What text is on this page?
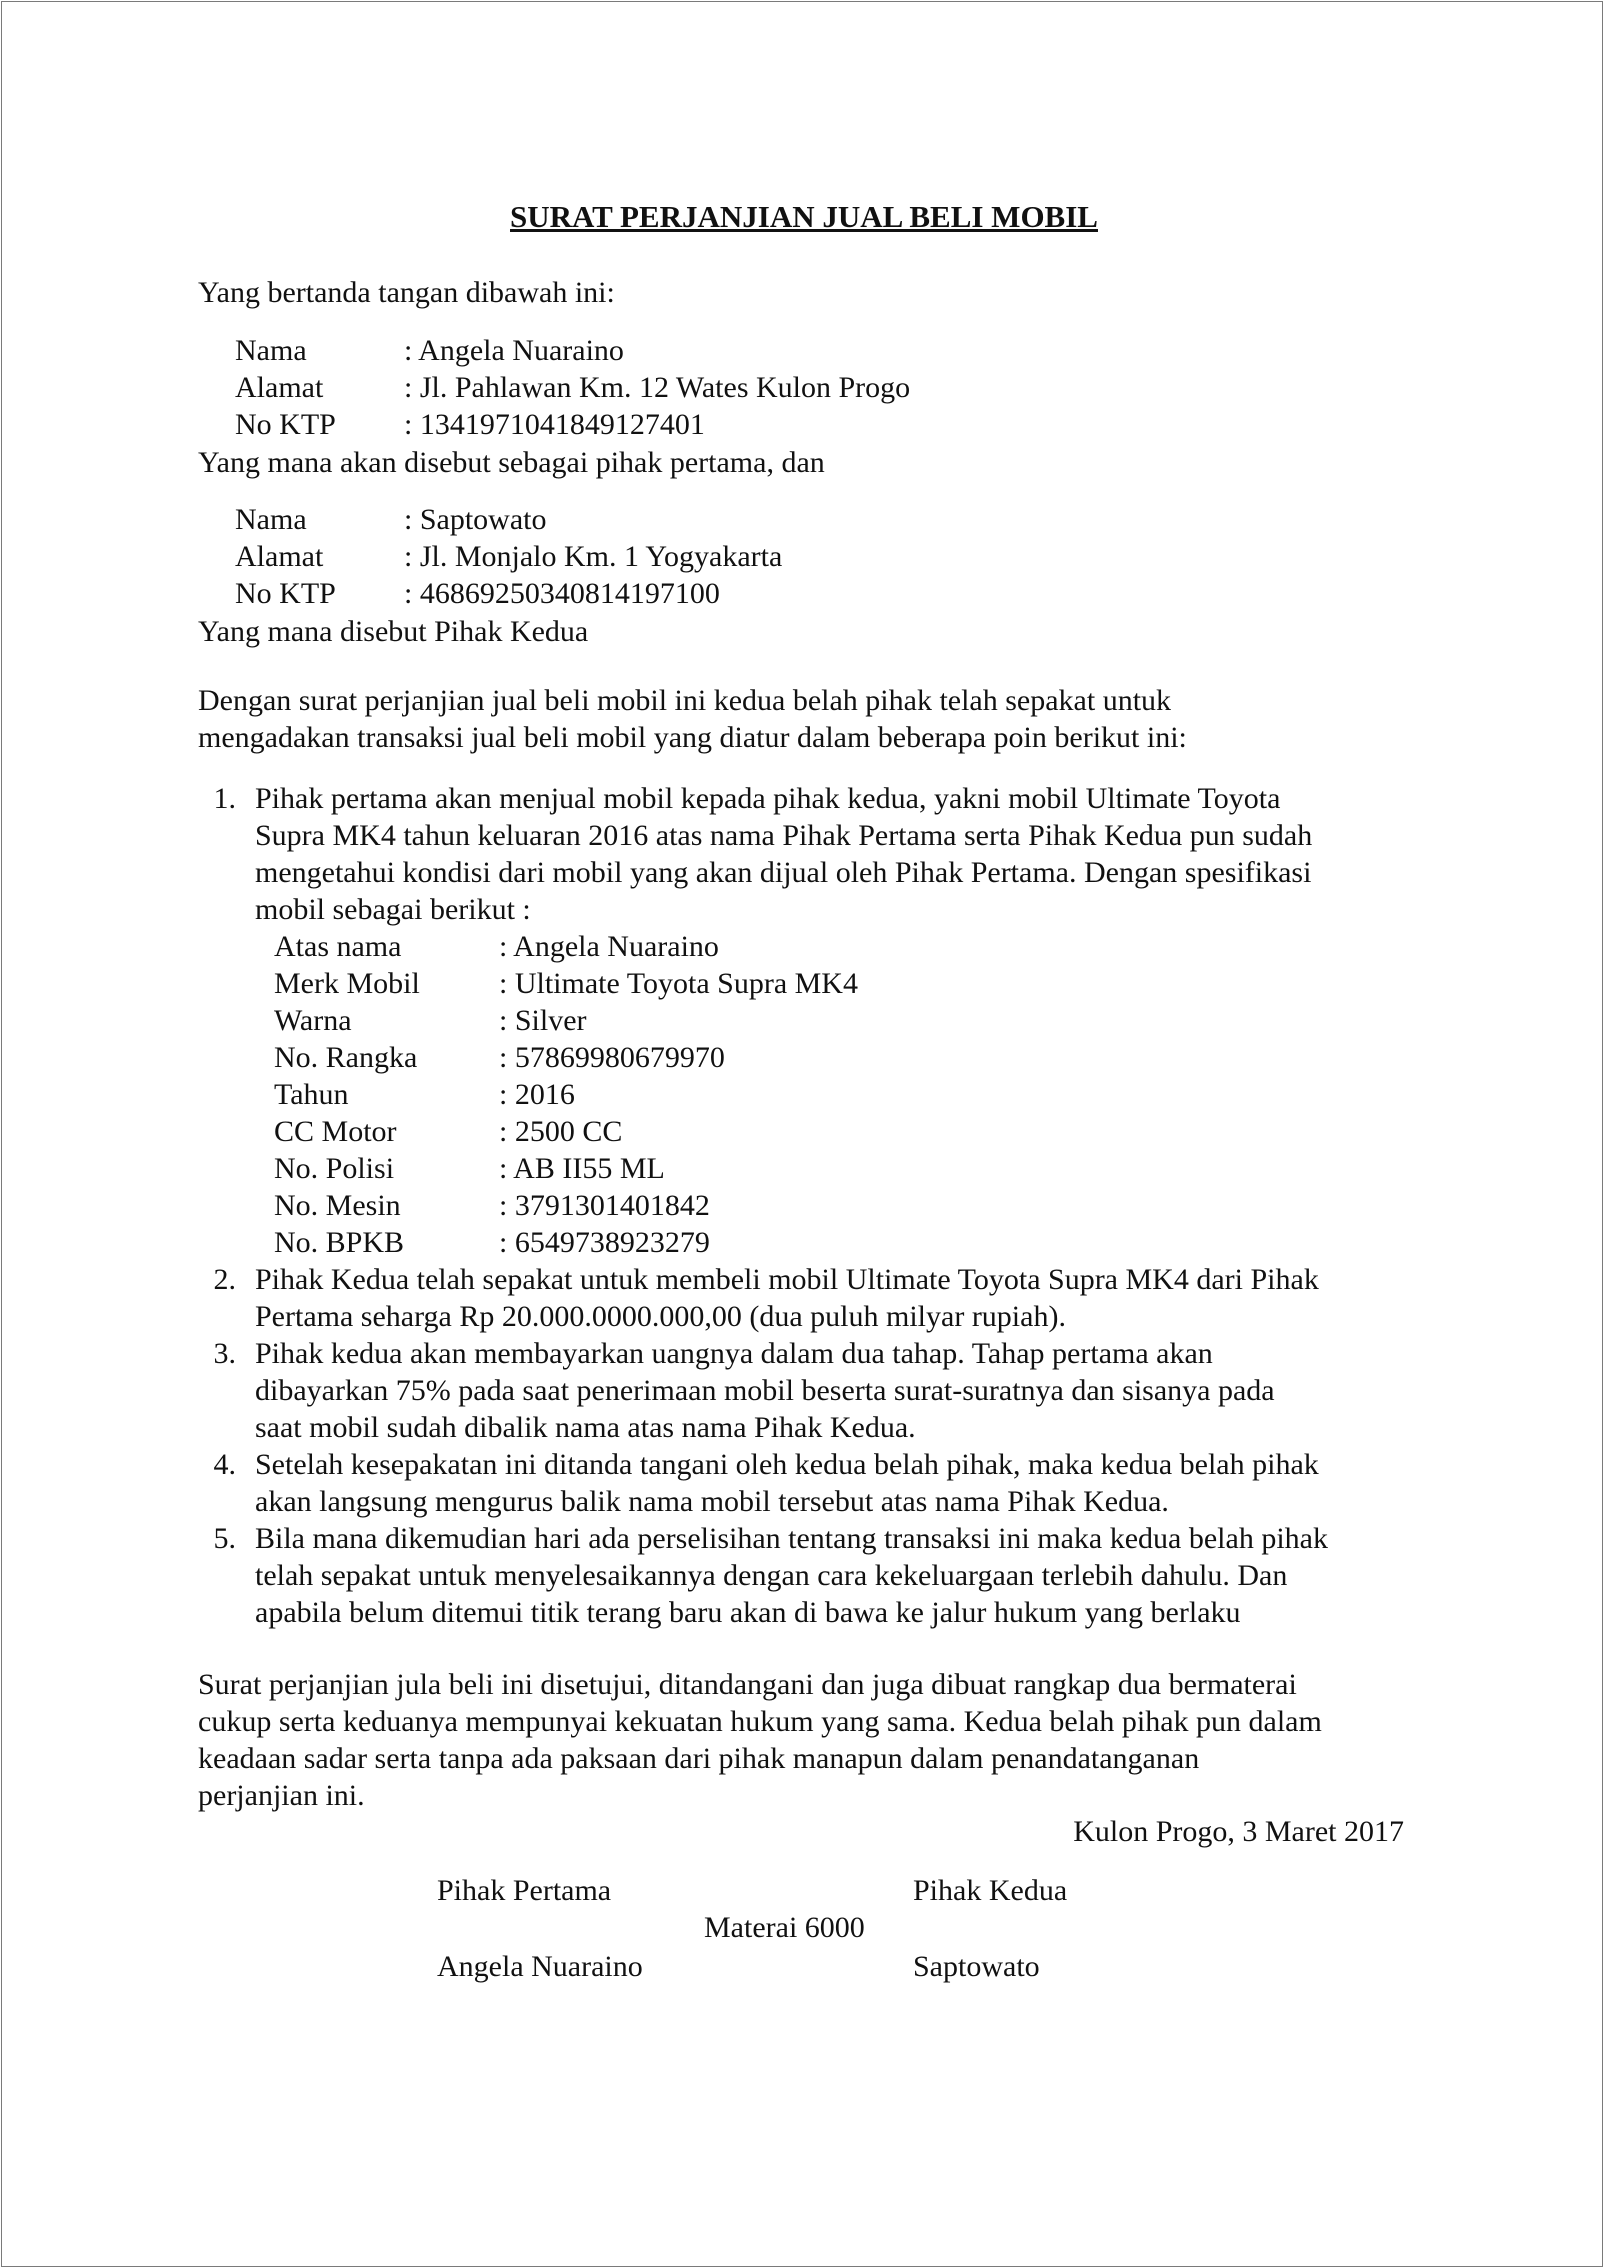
SURAT PERJANJIAN JUAL BELI MOBIL
Yang bertanda tangan dibawah ini:
Nama	: Angela Nuaraino
Alamat	: Jl. Pahlawan Km. 12 Wates Kulon Progo
No KTP : 1341971041849127401
Yang mana akan disebut sebagai pihak pertama, dan
Nama	: Saptowato
Alamat	: Jl. Monjalo Km. 1 Yogyakarta
No KTP : 46869250340814197100
Yang mana disebut Pihak Kedua
Dengan surat perjanjian jual beli mobil ini kedua belah pihak telah sepakat untuk
mengadakan transaksi jual beli mobil yang diatur dalam beberapa poin berikut ini:
1. Pihak pertama akan menjual mobil kepada pihak kedua, yakni mobil Ultimate Toyota
Supra MK4 tahun keluaran 2016 atas nama Pihak Pertama serta Pihak Kedua pun sudah
mengetahui kondisi dari mobil yang akan dijual oleh Pihak Pertama. Dengan spesifikasi
mobil sebagai berikut :
Atas nama	: Angela Nuaraino
Merk Mobil	: Ultimate Toyota Supra MK4
Warna	: Silver
No. Rangka	: 57869980679970
Tahun	: 2016
CC Motor	: 2500 CC
No. Polisi	: AB II55 ML
No. Mesin	: 3791301401842
No. BPKB	: 6549738923279
2. Pihak Kedua telah sepakat untuk membeli mobil Ultimate Toyota Supra MK4 dari Pihak
Pertama seharga Rp 20.000.0000.000,00 (dua puluh milyar rupiah).
3. Pihak kedua akan membayarkan uangnya dalam dua tahap. Tahap pertama akan
dibayarkan 75% pada saat penerimaan mobil beserta surat-suratnya dan sisanya pada
saat mobil sudah dibalik nama atas nama Pihak Kedua.
4. Setelah kesepakatan ini ditanda tangani oleh kedua belah pihak, maka kedua belah pihak
akan langsung mengurus balik nama mobil tersebut atas nama Pihak Kedua.
5. Bila mana dikemudian hari ada perselisihan tentang transaksi ini maka kedua belah pihak
telah sepakat untuk menyelesaikannya dengan cara kekeluargaan terlebih dahulu. Dan
apabila belum ditemui titik terang baru akan di bawa ke jalur hukum yang berlaku
Surat perjanjian jula beli ini disetujui, ditandangani dan juga dibuat rangkap dua bermaterai
cukup serta keduanya mempunyai kekuatan hukum yang sama. Kedua belah pihak pun dalam
keadaan sadar serta tanpa ada paksaan dari pihak manapun dalam penandatanganan
perjanjian ini.
Kulon Progo, 3 Maret 2017
Pihak Pertama	Pihak Kedua
Materai 6000
Angela Nuaraino	Saptowato
